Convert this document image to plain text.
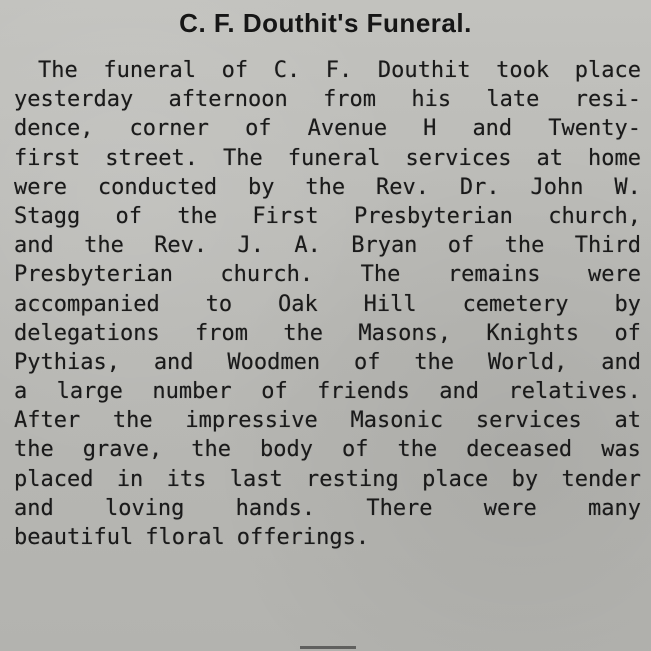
C. F. Douthit's Funeral.
The funeral of C. F. Douthit took place
yesterday afternoon from his late resi-
dence, corner of Avenue H and Twenty-
first street. The funeral services at home
were conducted by the Rev. Dr. John W.
Stagg of the First Presbyterian church,
and the Rev. J. A. Bryan of the Third
Presbyterian church. The remains were
accompanied to Oak Hill cemetery by
delegations from the Masons, Knights of
Pythias, and Woodmen of the World, and
a large number of friends and relatives.
After the impressive Masonic services at
the grave, the body of the deceased was
placed in its last resting place by tender
and loving hands. There were many
beautiful floral offerings.
